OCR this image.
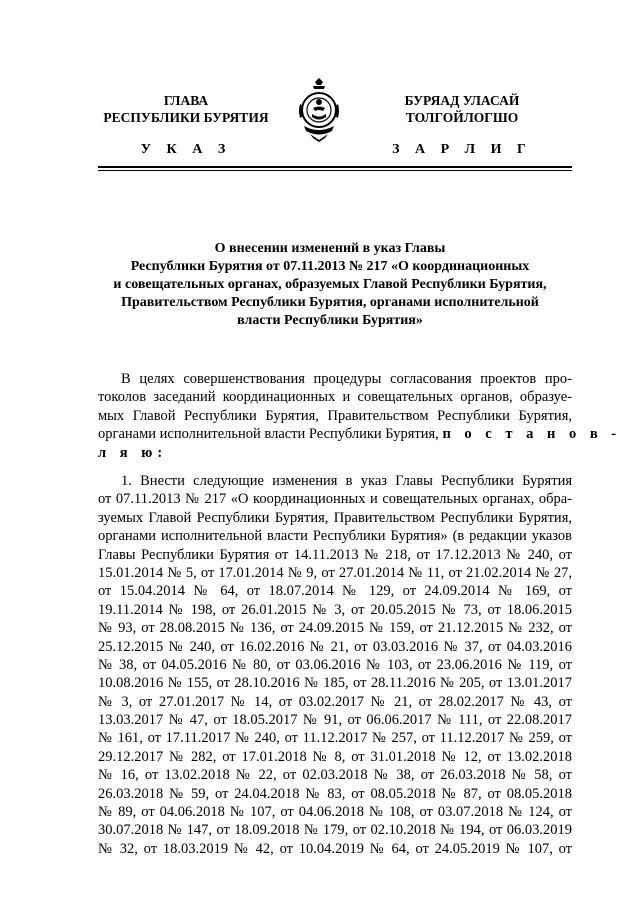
ГЛАВА
РЕСПУБЛИКИ БУРЯТИЯ
БУРЯАД УЛАСАЙ
ТОЛГОЙЛОГШО
У К А З	З А Р Л И Г
О внесении изменений в указ Главы
Республики Бурятия от 07.11.2013 № 217 «О координационных
и совещательных органах, образуемых Главой Республики Бурятия,
Правительством Республики Бурятия, органами исполнительной
власти Республики Бурятия»
В целях совершенствования процедуры согласования проектов про-
токолов заседаний координационных и совещательных органов, образуе-
мых Главой Республики Бурятия, Правительством Республики Бурятия,
органами исполнительной власти Республики Бурятия, п о с т а н о в -
л я ю:
1. Внести следующие изменения в указ Главы Республики Бурятия
от 07.11.2013 № 217 «О координационных и совещательных органах, обра-
зуемых Главой Республики Бурятия, Правительством Республики Бурятия,
органами исполнительной власти Республики Бурятия» (в редакции указов
Главы Республики Бурятия от 14.11.2013 № 218, от 17.12.2013 № 240, от
15.01.2014 № 5, от 17.01.2014 № 9, от 27.01.2014 № 11, от 21.02.2014 № 27,
от 15.04.2014 № 64, от 18.07.2014 № 129, от 24.09.2014 № 169, от
19.11.2014 № 198, от 26.01.2015 № 3, от 20.05.2015 № 73, от 18.06.2015
№ 93, от 28.08.2015 № 136, от 24.09.2015 № 159, от 21.12.2015 № 232, от
25.12.2015 № 240, от 16.02.2016 № 21, от 03.03.2016 № 37, от 04.03.2016
№ 38, от 04.05.2016 № 80, от 03.06.2016 № 103, от 23.06.2016 № 119, от
10.08.2016 № 155, от 28.10.2016 № 185, от 28.11.2016 № 205, от 13.01.2017
№ 3, от 27.01.2017 № 14, от 03.02.2017 № 21, от 28.02.2017 № 43, от
13.03.2017 № 47, от 18.05.2017 № 91, от 06.06.2017 № 111, от 22.08.2017
№ 161, от 17.11.2017 № 240, от 11.12.2017 № 257, от 11.12.2017 № 259, от
29.12.2017 № 282, от 17.01.2018 № 8, от 31.01.2018 № 12, от 13.02.2018
№ 16, от 13.02.2018 № 22, от 02.03.2018 № 38, от 26.03.2018 № 58, от
26.03.2018 № 59, от 24.04.2018 № 83, от 08.05.2018 № 87, от 08.05.2018
№ 89, от 04.06.2018 № 107, от 04.06.2018 № 108, от 03.07.2018 № 124, от
30.07.2018 № 147, от 18.09.2018 № 179, от 02.10.2018 № 194, от 06.03.2019
№ 32, от 18.03.2019 № 42, от 10.04.2019 № 64, от 24.05.2019 № 107, от
